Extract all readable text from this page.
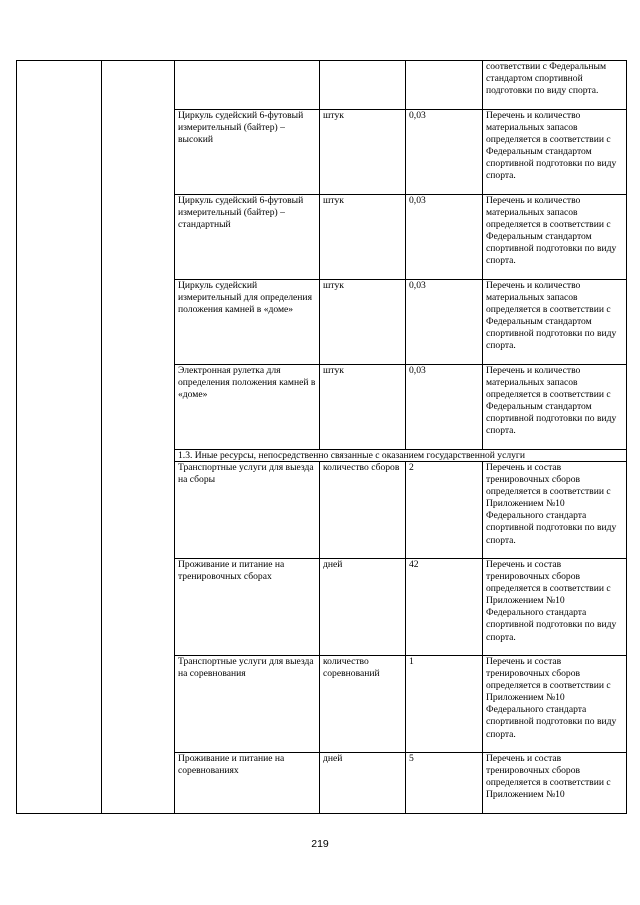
					соответствии с Федеральным стандартом спортивной подготовки по виду спорта.
		Циркуль судейский 6-футовый измерительный (байтер) – высокий	штук	0,03	Перечень и количество материальных запасов определяется в соответствии с Федеральным стандартом спортивной подготовки по виду спорта.
		Циркуль судейский 6-футовый измерительный (байтер) – стандартный	штук	0,03	Перечень и количество материальных запасов определяется в соответствии с Федеральным стандартом спортивной подготовки по виду спорта.
		Циркуль судейский измерительный для определения положения камней в «доме»	штук	0,03	Перечень и количество материальных запасов определяется в соответствии с Федеральным стандартом спортивной подготовки по виду спорта.
		Электронная рулетка для определения положения камней в «доме»	штук	0,03	Перечень и количество материальных запасов определяется в соответствии с Федеральным стандартом спортивной подготовки по виду спорта.
		1.3. Иные ресурсы, непосредственно связанные с оказанием государственной услуги			
		Транспортные услуги для выезда на сборы	количество сборов	2	Перечень и состав тренировочных сборов определяется в соответствии с Приложением №10 Федерального стандарта спортивной подготовки по виду спорта.
		Проживание и питание на тренировочных сборах	дней	42	Перечень и состав тренировочных сборов определяется в соответствии с Приложением №10 Федерального стандарта спортивной подготовки по виду спорта.
		Транспортные услуги для выезда на соревнования	количество соревнований	1	Перечень и состав тренировочных сборов определяется в соответствии с Приложением №10 Федерального стандарта спортивной подготовки по виду спорта.
		Проживание и питание на соревнованиях	дней	5	Перечень и состав тренировочных сборов определяется в соответствии с Приложением №10
219
